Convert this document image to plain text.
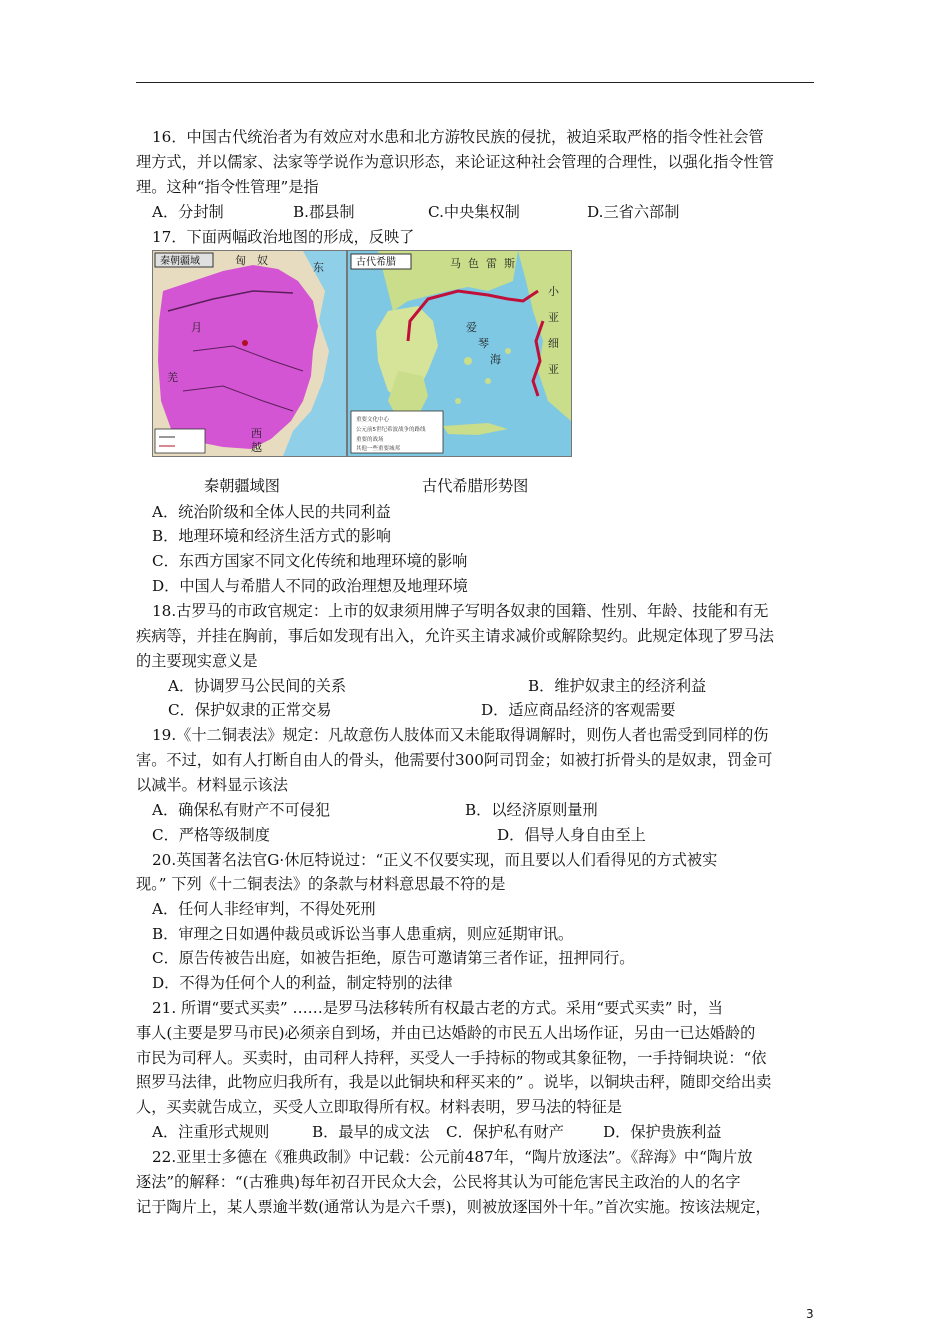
16．中国古代统治者为有效应对水患和北方游牧民族的侵扰，被迫采取严格的指令性社会管
理方式，并以儒家、法家等学说作为意识形态，来论证这种社会管理的合理性，以强化指令性管
理。这种“指令性管理”是指
A．分封制	B.郡县制	C.中央集权制	D.三省六部制
17．下面两幅政治地图的形成，反映了
秦朝疆域	匈 奴
月
东
羌
西
越
古代希腊	马 色 雷 斯
爱
琴
海
小
亚
细
亚
重要文化中心
公元前5世纪希波战争的路线
重要的战场
其他一些重要城邦
秦朝疆域图	古代希腊形势图
A．统治阶级和全体人民的共同利益
B．地理环境和经济生活方式的影响
C．东西方国家不同文化传统和地理环境的影响
D．中国人与希腊人不同的政治理想及地理环境
18.古罗马的市政官规定：上市的奴隶须用牌子写明各奴隶的国籍、性别、年龄、技能和有无
疾病等，并挂在胸前，事后如发现有出入，允许买主请求减价或解除契约。此规定体现了罗马法
的主要现实意义是
A．协调罗马公民间的关系	B．维护奴隶主的经济利益
C．保护奴隶的正常交易	D．适应商品经济的客观需要
19.《十二铜表法》规定：凡故意伤人肢体而又未能取得调解时，则伤人者也需受到同样的伤
害。不过，如有人打断自由人的骨头，他需要付300阿司罚金；如被打折骨头的是奴隶，罚金可
以减半。材料显示该法
A．确保私有财产不可侵犯	B．以经济原则量刑
C．严格等级制度	D．倡导人身自由至上
20.英国著名法官G·休厄特说过：“正义不仅要实现，而且要以人们看得见的方式被实
现。” 下列《十二铜表法》的条款与材料意思最不符的是
A．任何人非经审判，不得处死刑
B．审理之日如遇仲裁员或诉讼当事人患重病，则应延期审讯。
C．原告传被告出庭，如被告拒绝，原告可邀请第三者作证，扭押同行。
D．不得为任何个人的利益，制定特别的法律
21. 所谓“要式买卖” ……是罗马法移转所有权最古老的方式。采用“要式买卖” 时，当
事人(主要是罗马市民)必须亲自到场，并由已达婚龄的市民五人出场作证，另由一已达婚龄的
市民为司秤人。买卖时，由司秤人持秤，买受人一手持标的物或其象征物，一手持铜块说：“依
照罗马法律，此物应归我所有，我是以此铜块和秤买来的” 。说毕，以铜块击秤，随即交给出卖
人，买卖就告成立，买受人立即取得所有权。材料表明，罗马法的特征是
A．注重形式规则	B．最早的成文法 C．保护私有财产	D．保护贵族利益
22.亚里士多德在《雅典政制》中记载：公元前487年，“陶片放逐法”。《辞海》中“陶片放
逐法”的解释：“(古雅典)每年初召开民众大会，公民将其认为可能危害民主政治的人的名字
记于陶片上，某人票逾半数(通常认为是六千票)，则被放逐国外十年。”首次实施。按该法规定，
3
